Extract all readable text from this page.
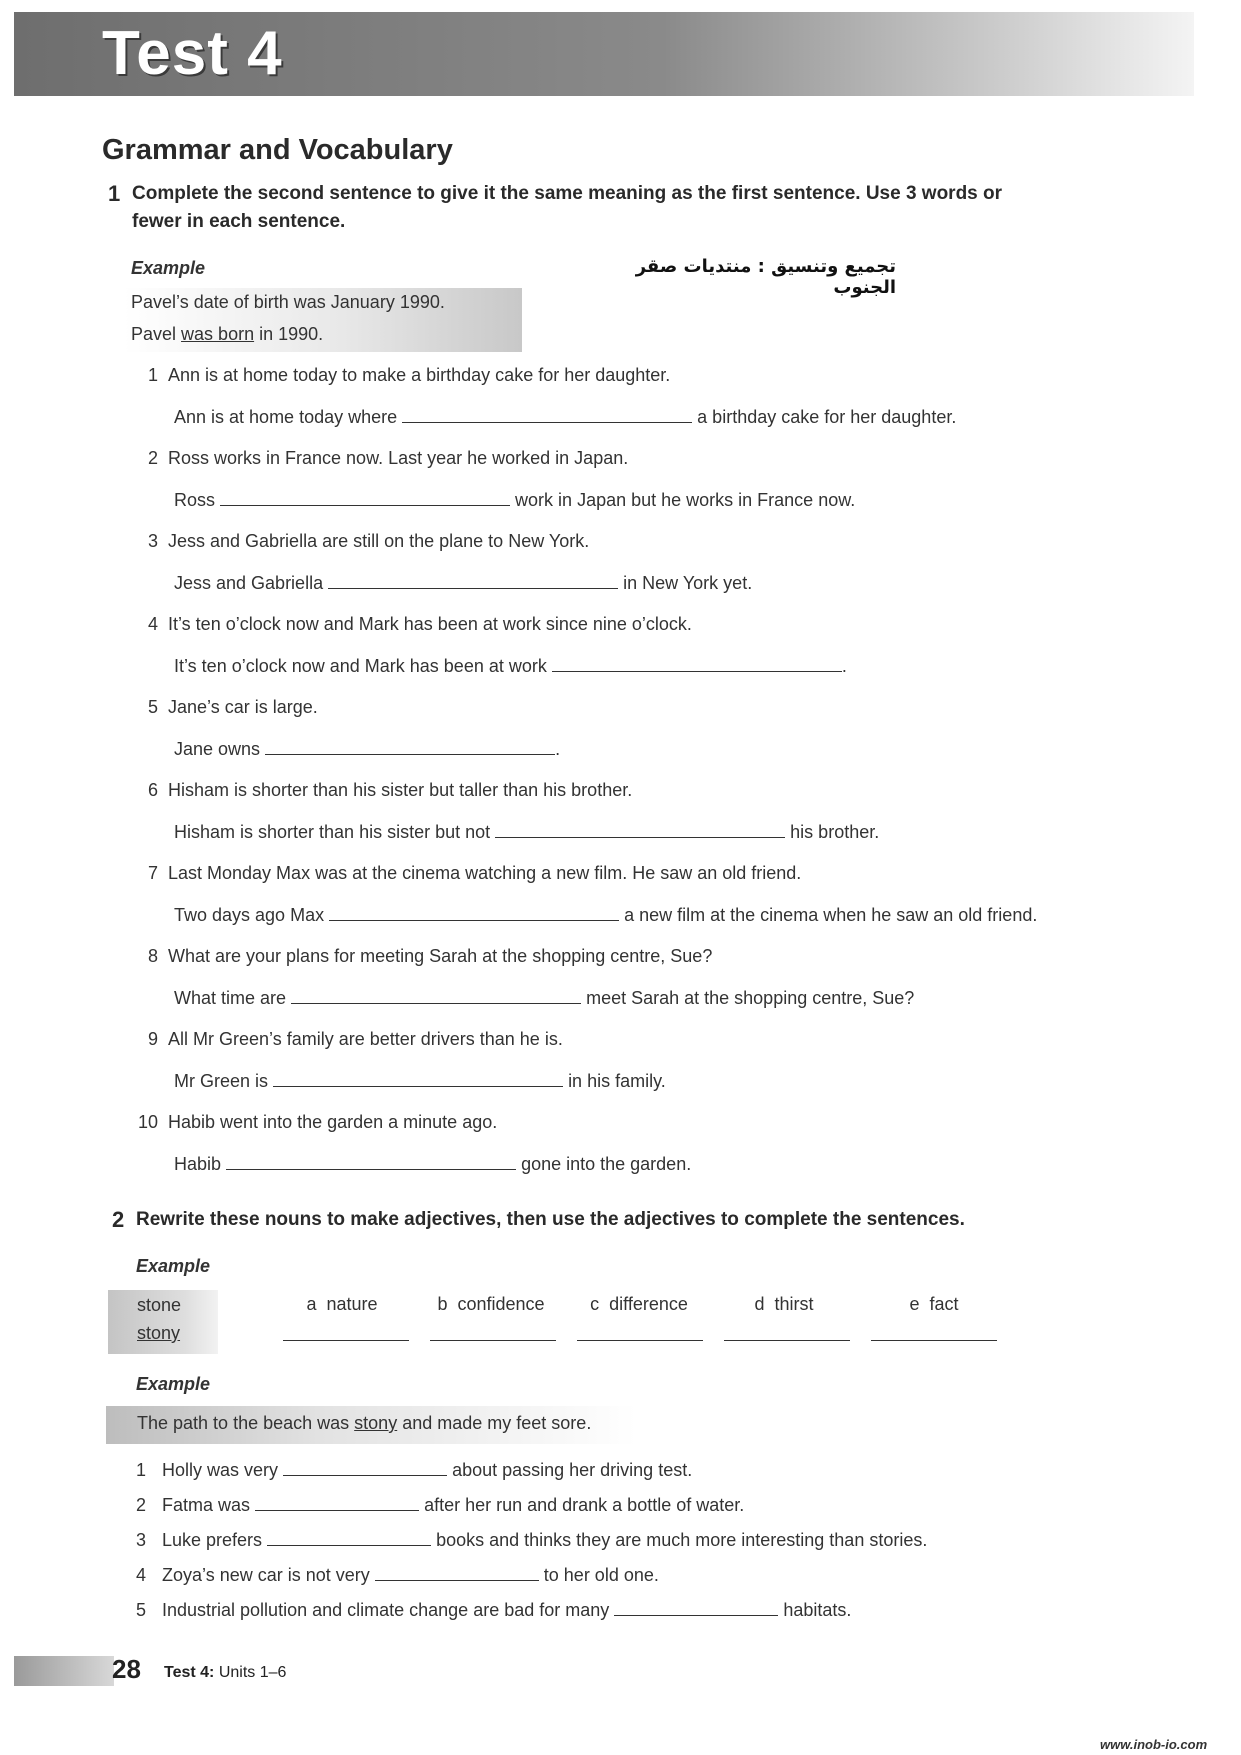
Test 4
Grammar and Vocabulary
1 Complete the second sentence to give it the same meaning as the first sentence. Use 3 words or
fewer in each sentence.
Example	تجميع وتنسيق : منتديات صقر الجنوب
Pavel’s date of birth was January 1990.
Pavel was born in 1990.
1 Ann is at home today to make a birthday cake for her daughter.
Ann is at home today where	a birthday cake for her daughter.
2 Ross works in France now. Last year he worked in Japan.
Ross	work in Japan but he works in France now.
3 Jess and Gabriella are still on the plane to New York.
Jess and Gabriella	in New York yet.
4 It’s ten o’clock now and Mark has been at work since nine o’clock.
It’s ten o’clock now and Mark has been at work	.
5 Jane’s car is large.
Jane owns	.
6 Hisham is shorter than his sister but taller than his brother.
Hisham is shorter than his sister but not	his brother.
7 Last Monday Max was at the cinema watching a new film. He saw an old friend.
Two days ago Max	a new film at the cinema when he saw an old friend.
8 What are your plans for meeting Sarah at the shopping centre, Sue?
What time are	meet Sarah at the shopping centre, Sue?
9 All Mr Green’s family are better drivers than he is.
Mr Green is	in his family.
10 Habib went into the garden a minute ago.
Habib	gone into the garden.
2 Rewrite these nouns to make adjectives, then use the adjectives to complete the sentences.
Example
stone
stony
a nature	b confidence	c difference	d thirst	e fact
Example
The path to the beach was stony and made my feet sore.
1 Holly was very	about passing her driving test.
2 Fatma was	after her run and drank a bottle of water.
3 Luke prefers	books and thinks they are much more interesting than stories.
4 Zoya’s new car is not very	to her old one.
5 Industrial pollution and climate change are bad for many	habitats.
28 Test 4: Units 1–6
www.inob-io.com
